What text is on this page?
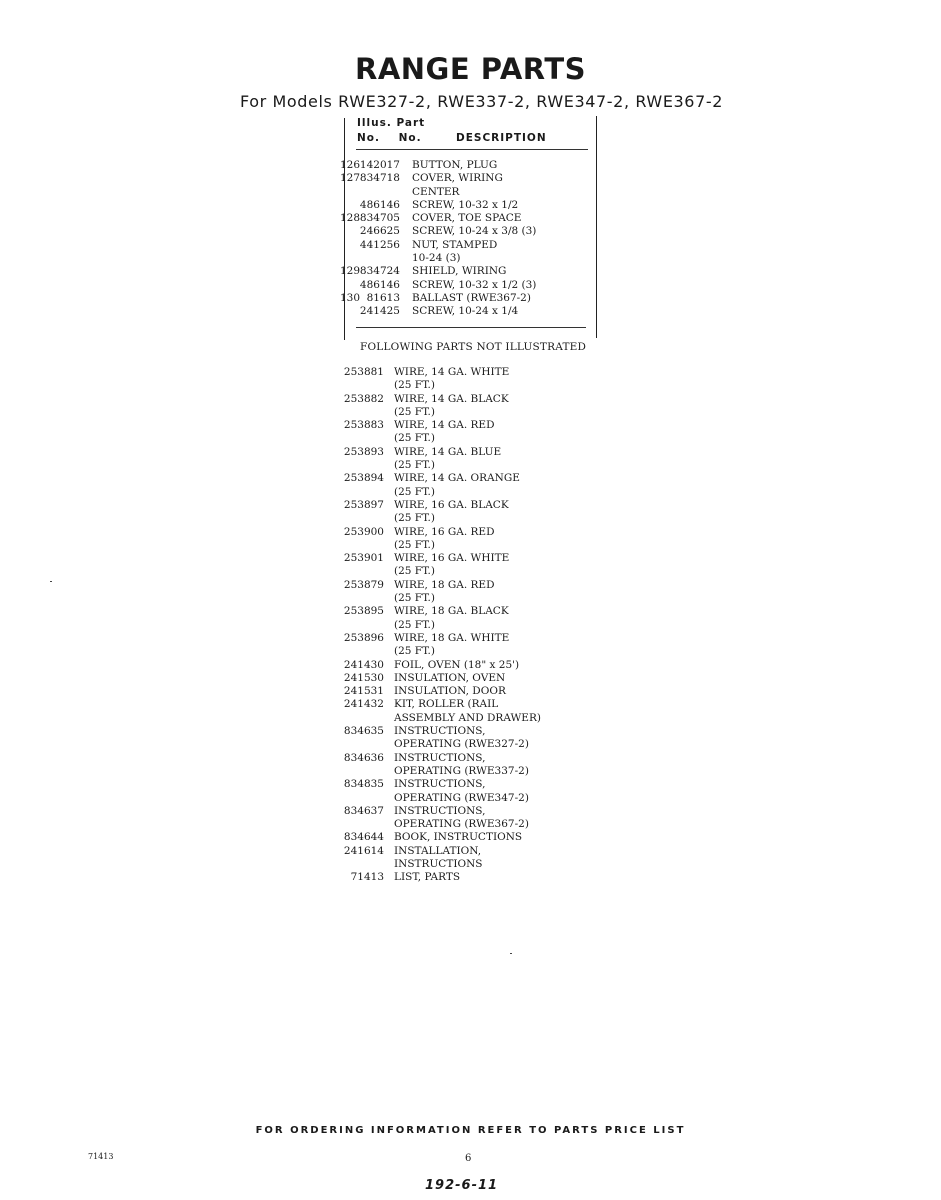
RANGE PARTS
For Models RWE327-2, RWE337-2, RWE347-2, RWE367-2
Illus. Part
No.    No.	DESCRIPTION
126 142017 BUTTON, PLUG
127 834718 COVER, WIRING
CENTER
486146 SCREW, 10-32 x 1/2
128 834705 COVER, TOE SPACE
246625 SCREW, 10-24 x 3/8 (3)
441256 NUT, STAMPED
10-24 (3)
129 834724 SHIELD, WIRING
486146 SCREW, 10-32 x 1/2 (3)
130 81613 BALLAST (RWE367-2)
241425 SCREW, 10-24 x 1/4
FOLLOWING PARTS NOT ILLUSTRATED
253881 WIRE, 14 GA. WHITE
(25 FT.)
253882 WIRE, 14 GA. BLACK
(25 FT.)
253883 WIRE, 14 GA. RED
(25 FT.)
253893 WIRE, 14 GA. BLUE
(25 FT.)
253894 WIRE, 14 GA. ORANGE
(25 FT.)
253897 WIRE, 16 GA. BLACK
(25 FT.)
253900 WIRE, 16 GA. RED
(25 FT.)
253901 WIRE, 16 GA. WHITE
(25 FT.)
253879 WIRE, 18 GA. RED
(25 FT.)
253895 WIRE, 18 GA. BLACK
(25 FT.)
253896 WIRE, 18 GA. WHITE
(25 FT.)
241430 FOIL, OVEN (18" x 25')
241530 INSULATION, OVEN
241531 INSULATION, DOOR
241432 KIT, ROLLER (RAIL
ASSEMBLY AND DRAWER)
834635 INSTRUCTIONS,
OPERATING (RWE327-2)
834636 INSTRUCTIONS,
OPERATING (RWE337-2)
834835 INSTRUCTIONS,
OPERATING (RWE347-2)
834637 INSTRUCTIONS,
OPERATING (RWE367-2)
834644 BOOK, INSTRUCTIONS
241614 INSTALLATION,
INSTRUCTIONS
71413 LIST, PARTS
FOR ORDERING INFORMATION REFER TO PARTS PRICE LIST
71413	6
192-6-11
